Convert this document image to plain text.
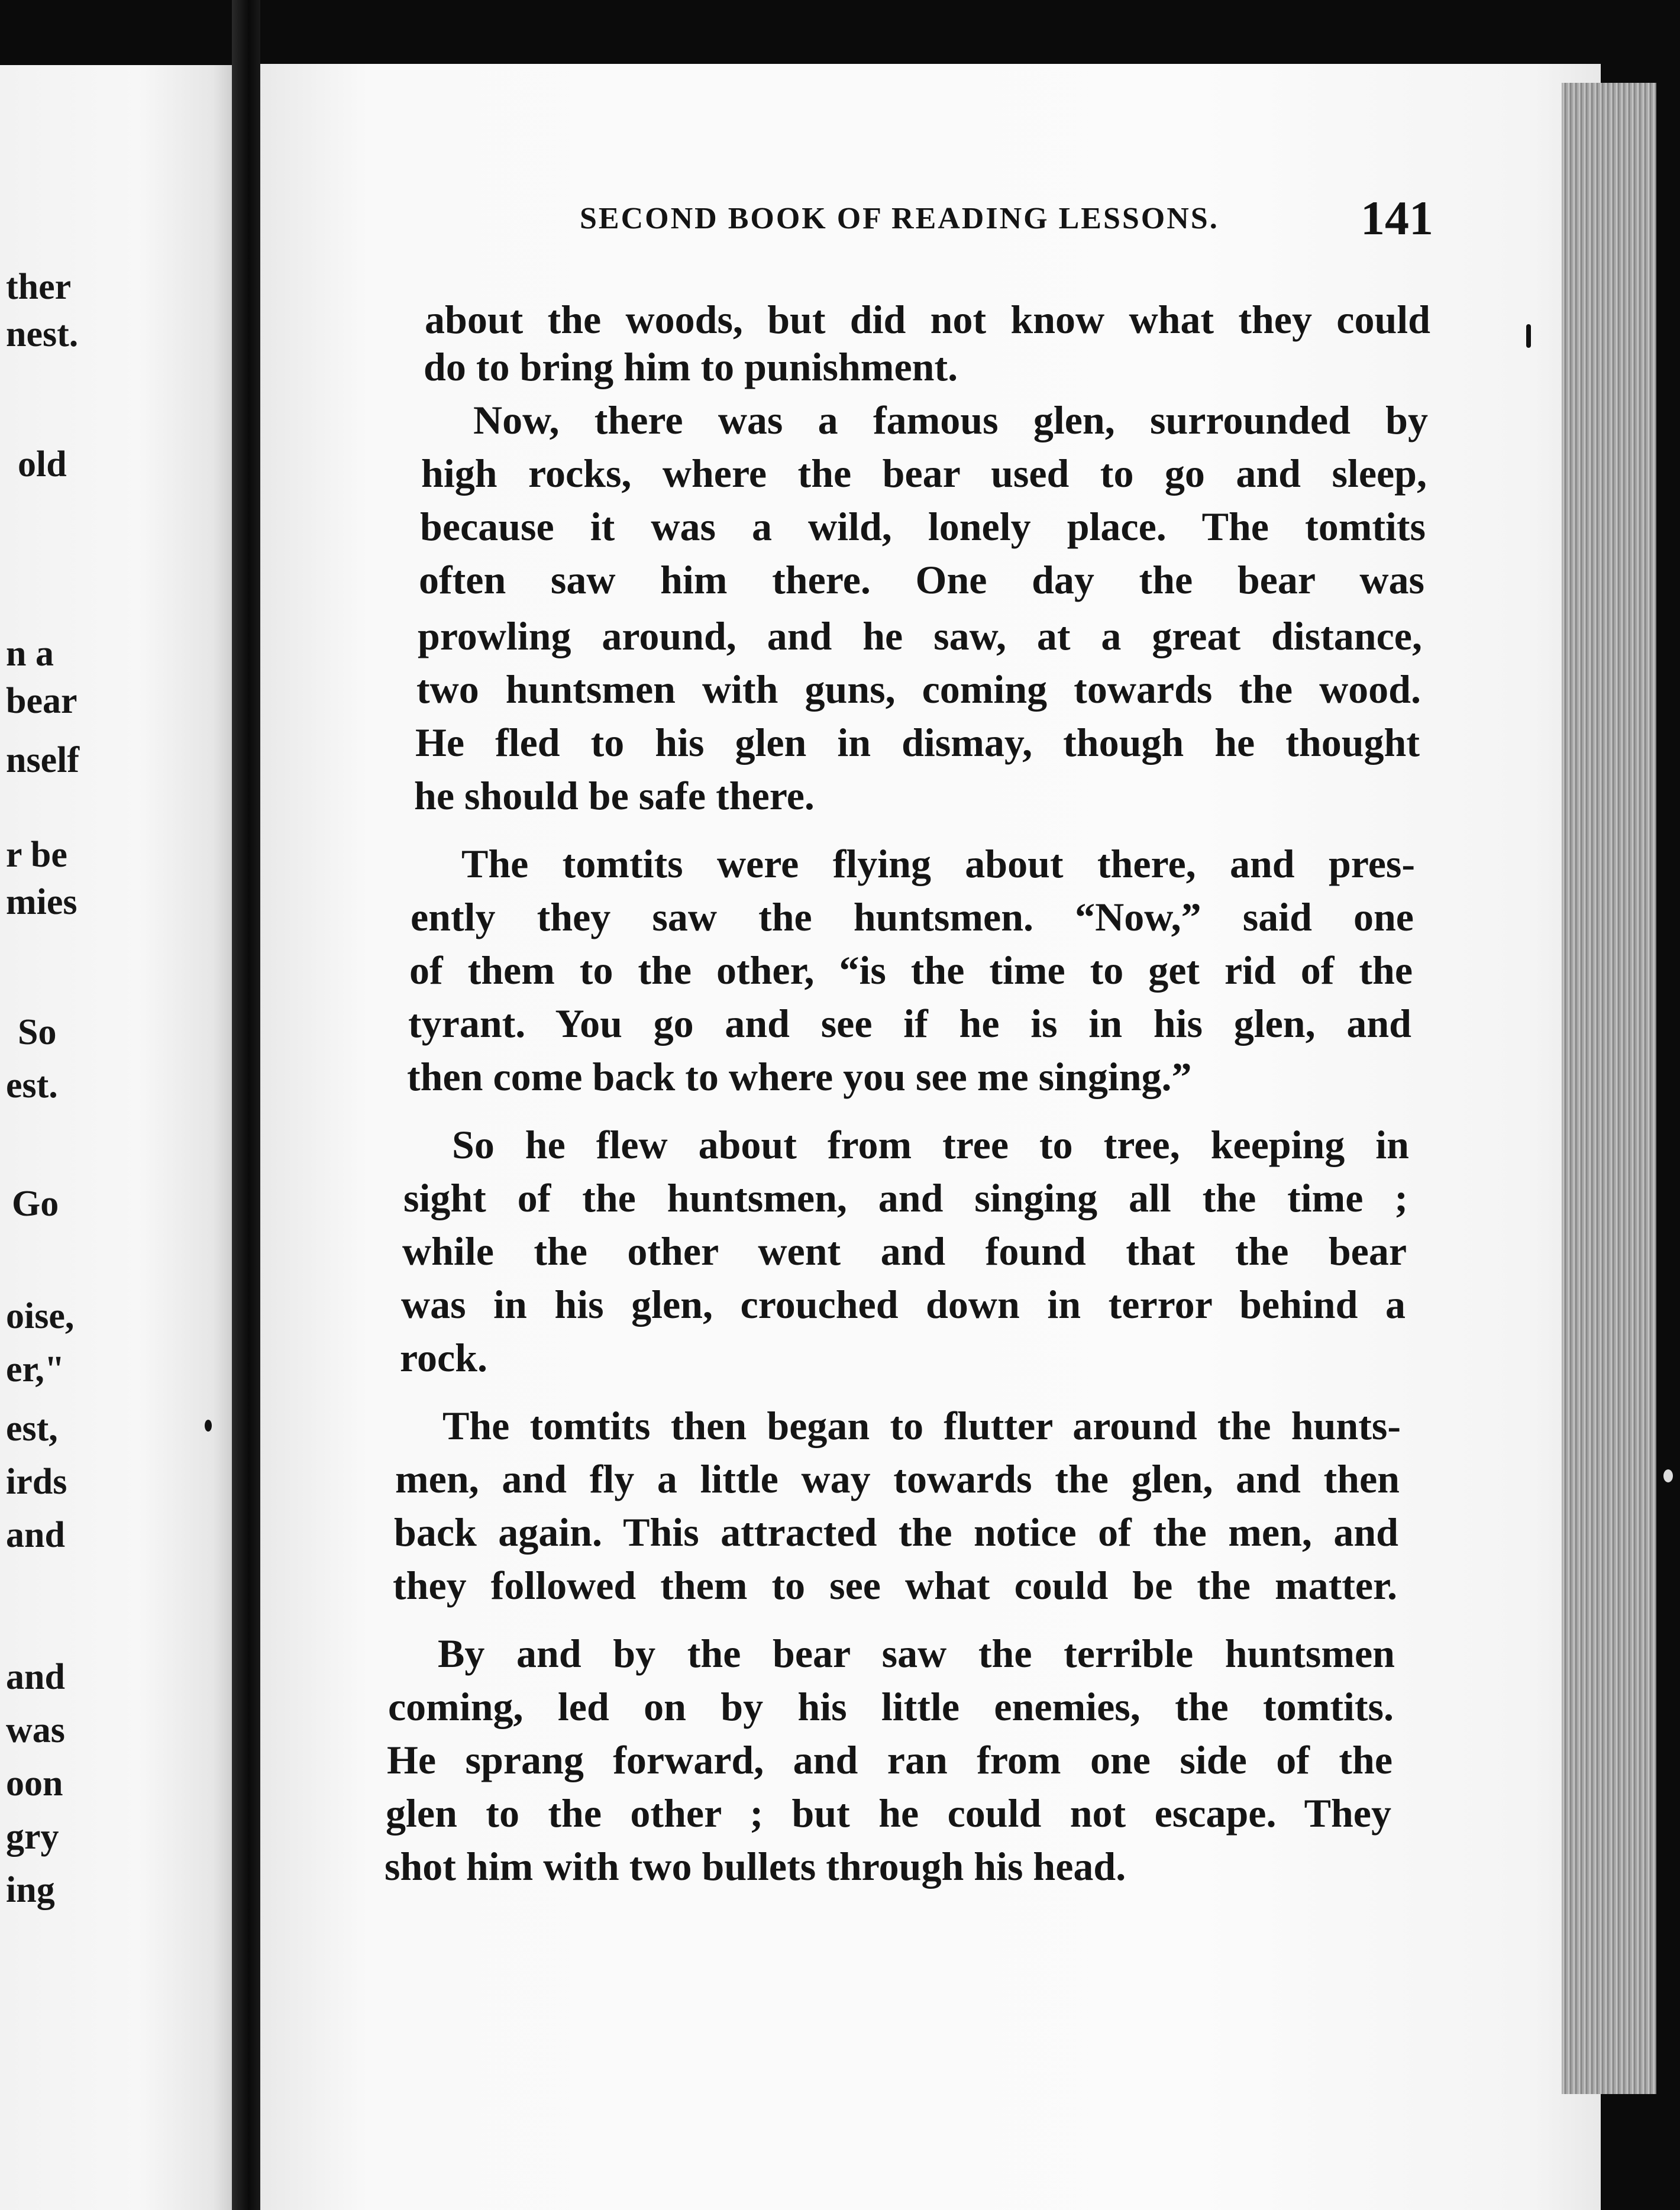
ther
nest.
old
n a
bear
nself
r be
mies
So
est.
Go
oise,
er,"
est,
irds
and
and
was
oon
gry
ing
SECOND BOOK OF READING LESSONS.	141
about the woods, but did not know what they could
do to bring him to punishment.
Now, there was a famous glen, surrounded by
high rocks, where the bear used to go and sleep,
because it was a wild, lonely place. The tomtits
often saw him there. One day the bear was
prowling around, and he saw, at a great distance,
two huntsmen with guns, coming towards the wood.
He fled to his glen in dismay, though he thought
he should be safe there.
The tomtits were flying about there, and pres-
ently they saw the huntsmen. “Now,” said one
of them to the other, “is the time to get rid of the
tyrant. You go and see if he is in his glen, and
then come back to where you see me singing.”
So he flew about from tree to tree, keeping in
sight of the huntsmen, and singing all the time ;
while the other went and found that the bear
was in his glen, crouched down in terror behind a
rock.
The tomtits then began to flutter around the hunts-
men, and fly a little way towards the glen, and then
back again. This attracted the notice of the men, and
they followed them to see what could be the matter.
By and by the bear saw the terrible huntsmen
coming, led on by his little enemies, the tomtits.
He sprang forward, and ran from one side of the
glen to the other ; but he could not escape. They
shot him with two bullets through his head.
